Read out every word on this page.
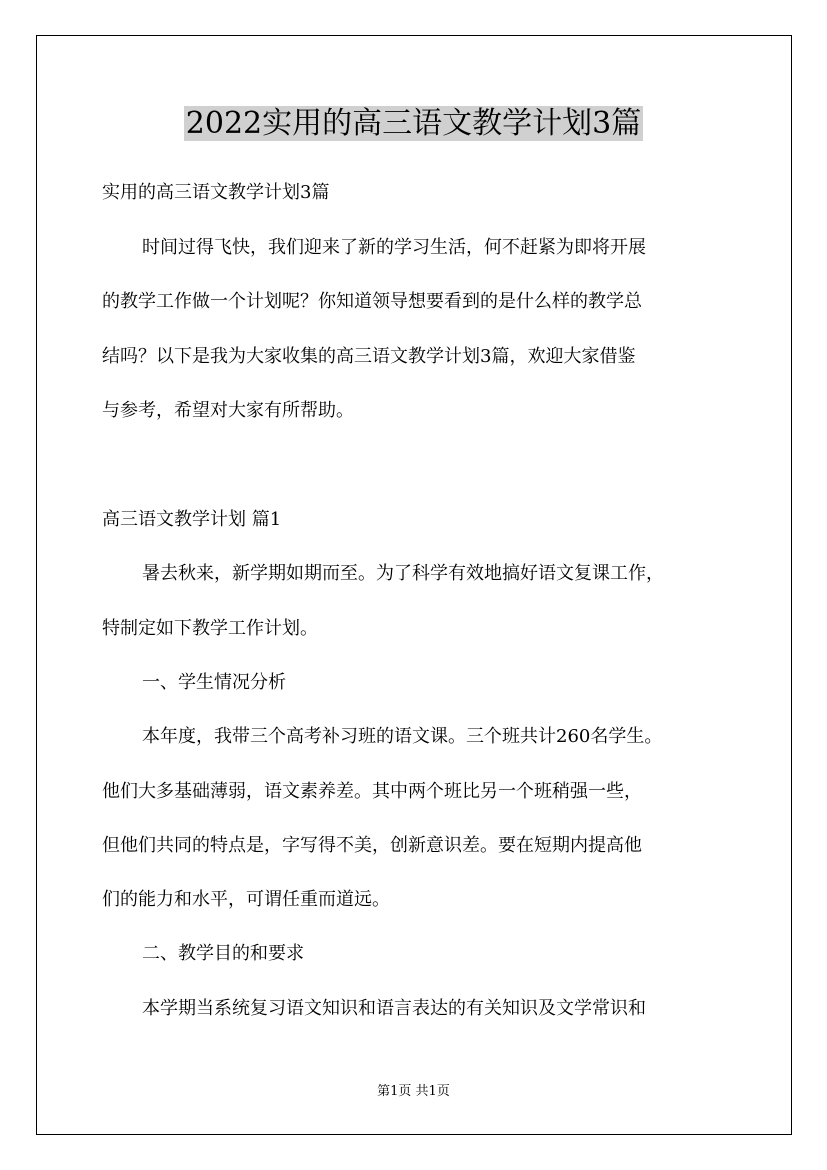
2022实用的高三语文教学计划3篇

实用的高三语文教学计划3篇

时间过得飞快，我们迎来了新的学习生活，何不赶紧为即将开展

的教学工作做一个计划呢？你知道领导想要看到的是什么样的教学总

结吗？以下是我为大家收集的高三语文教学计划3篇，欢迎大家借鉴

与参考，希望对大家有所帮助。

高三语文教学计划 篇1

暑去秋来，新学期如期而至。为了科学有效地搞好语文复课工作，

特制定如下教学工作计划。

一、学生情况分析

本年度，我带三个高考补习班的语文课。三个班共计260名学生。

他们大多基础薄弱，语文素养差。其中两个班比另一个班稍强一些，

但他们共同的特点是，字写得不美，创新意识差。要在短期内提高他

们的能力和水平，可谓任重而道远。

二、教学目的和要求

本学期当系统复习语文知识和语言表达的有关知识及文学常识和

第1页 共1页
